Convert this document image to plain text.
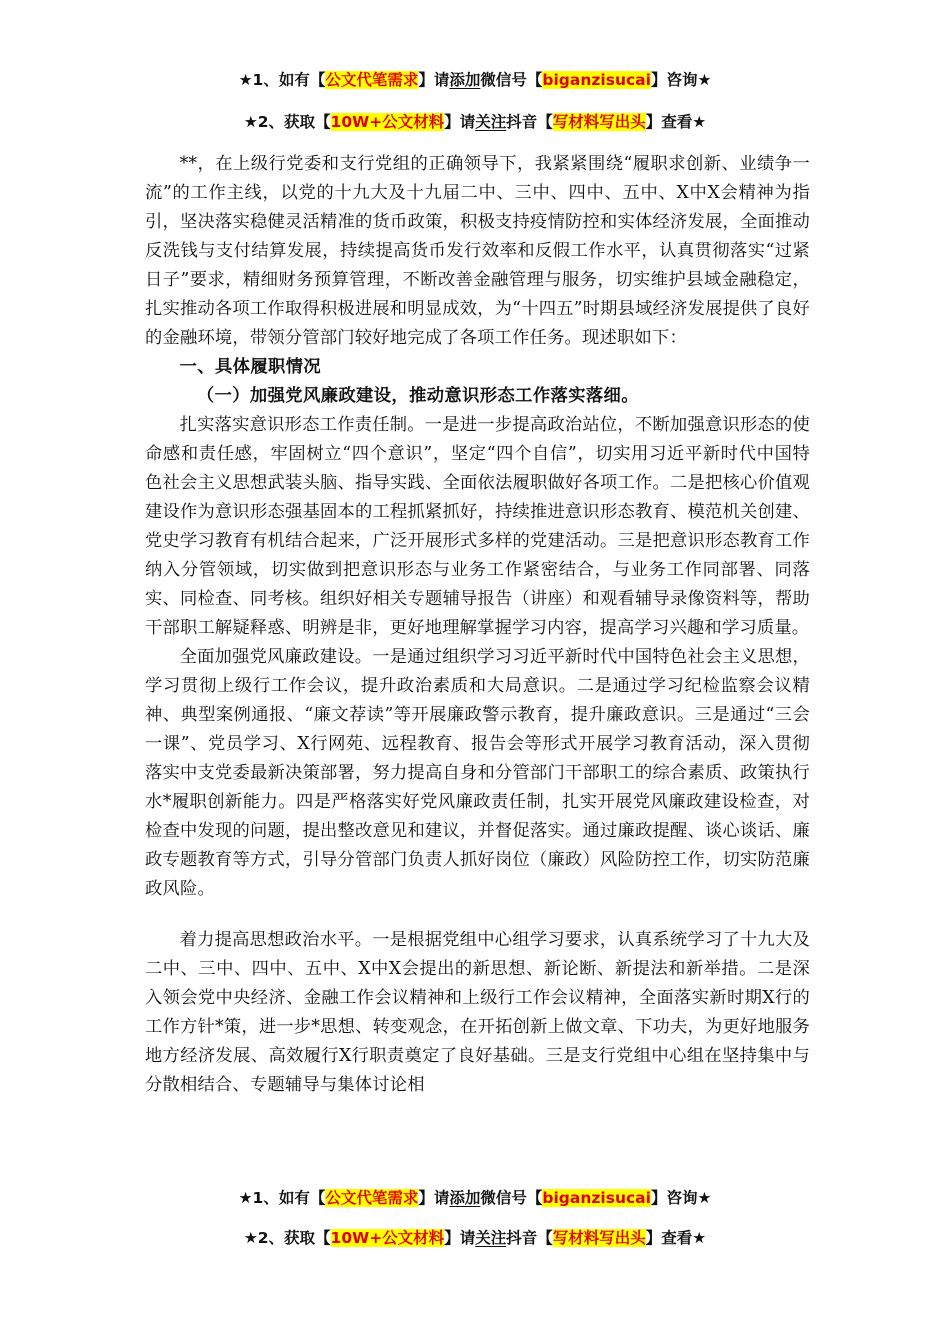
★1、如有【公文代笔需求】请添加微信号【biganzisucai】咨询★
★2、获取【10W+公文材料】请关注抖音【写材料写出头】查看★

**，在上级行党委和支行党组的正确领导下，我紧紧围绕“履职求创新、业绩争一流”的工作主线，以党的十九大及十九届二中、三中、四中、五中、X中X会精神为指引，坚决落实稳健灵活精准的货币政策，积极支持疫情防控和实体经济发展，全面推动反洗钱与支付结算发展，持续提高货币发行效率和反假工作水平，认真贯彻落实“过紧日子”要求，精细财务预算管理，不断改善金融管理与服务，切实维护县域金融稳定，扎实推动各项工作取得积极进展和明显成效，为“十四五”时期县域经济发展提供了良好的金融环境，带领分管部门较好地完成了各项工作任务。现述职如下：

一、具体履职情况

（一）加强党风廉政建设，推动意识形态工作落实落细。

扎实落实意识形态工作责任制。一是进一步提高政治站位，不断加强意识形态的使命感和责任感，牢固树立“四个意识”，坚定“四个自信”，切实用习近平新时代中国特色社会主义思想武装头脑、指导实践、全面依法履职做好各项工作。二是把核心价值观建设作为意识形态强基固本的工程抓紧抓好，持续推进意识形态教育、模范机关创建、党史学习教育有机结合起来，广泛开展形式多样的党建活动。三是把意识形态教育工作纳入分管领域，切实做到把意识形态与业务工作紧密结合，与业务工作同部署、同落实、同检查、同考核。组织好相关专题辅导报告（讲座）和观看辅导录像资料等，帮助干部职工解疑释惑、明辨是非，更好地理解掌握学习内容，提高学习兴趣和学习质量。

全面加强党风廉政建设。一是通过组织学习习近平新时代中国特色社会主义思想，学习贯彻上级行工作会议，提升政治素质和大局意识。二是通过学习纪检监察会议精神、典型案例通报、“廉文荐读”等开展廉政警示教育，提升廉政意识。三是通过“三会一课”、党员学习、X行网苑、远程教育、报告会等形式开展学习教育活动，深入贯彻落实中支党委最新决策部署，努力提高自身和分管部门干部职工的综合素质、政策执行水*履职创新能力。四是严格落实好党风廉政责任制，扎实开展党风廉政建设检查，对检查中发现的问题，提出整改意见和建议，并督促落实。通过廉政提醒、谈心谈话、廉政专题教育等方式，引导分管部门负责人抓好岗位（廉政）风险防控工作，切实防范廉政风险。

着力提高思想政治水平。一是根据党组中心组学习要求，认真系统学习了十九大及二中、三中、四中、五中、X中X会提出的新思想、新论断、新提法和新举措。二是深入领会党中央经济、金融工作会议精神和上级行工作会议精神，全面落实新时期X行的工作方针*策，进一步*思想、转变观念，在开拓创新上做文章、下功夫，为更好地服务地方经济发展、高效履行X行职责奠定了良好基础。三是支行党组中心组在坚持集中与分散相结合、专题辅导与集体讨论相

★1、如有【公文代笔需求】请添加微信号【biganzisucai】咨询★
★2、获取【10W+公文材料】请关注抖音【写材料写出头】查看★
